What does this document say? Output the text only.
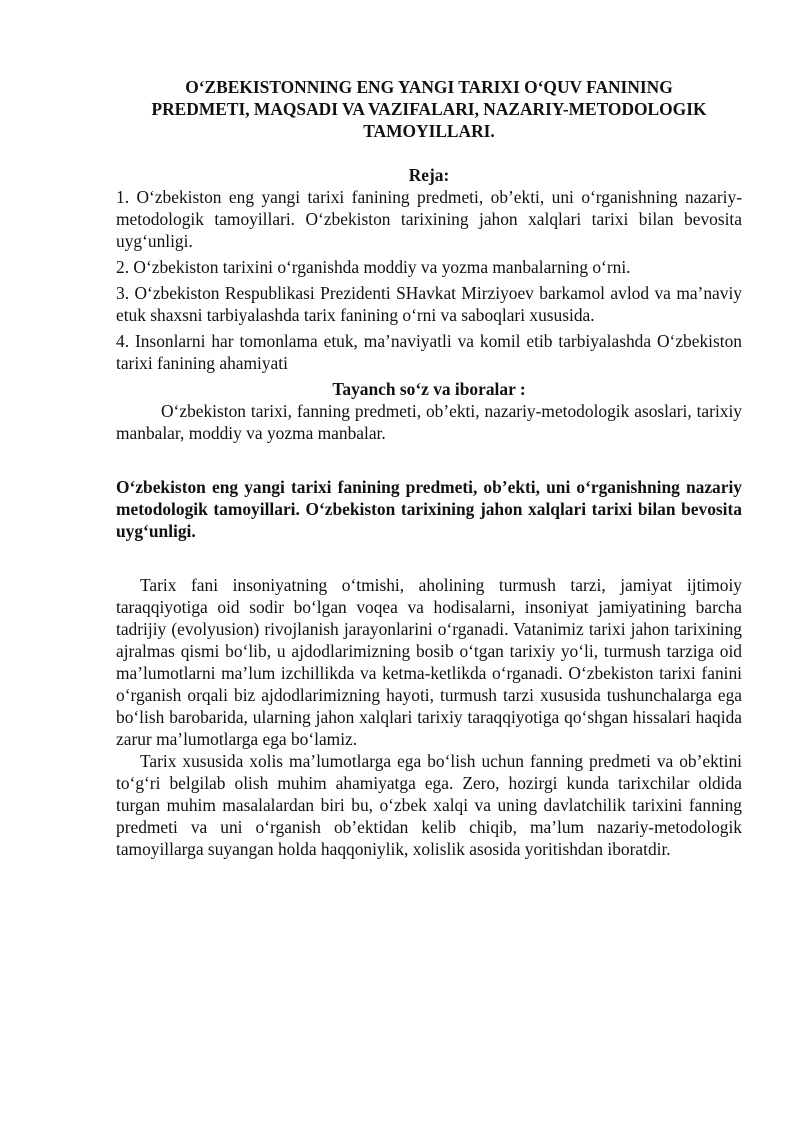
O‘ZBEKISTONNING ENG YANGI TARIXI O‘QUV FANINING PREDMETI, MAQSADI VA VAZIFALARI, NAZARIY-METODOLOGIK TAMOYILLARI.
Reja:
1. O‘zbekiston eng yangi tarixi fanining predmeti, ob’ekti, uni o‘rganishning nazariy-metodologik tamoyillari. O‘zbekiston tarixining jahon xalqlari tarixi bilan bevosita uyg‘unligi.
2. O‘zbekiston tarixini o‘rganishda moddiy va yozma manbalarning o‘rni.
3. O‘zbekiston Respublikasi Prezidenti SHavkat Mirziyoev barkamol avlod va ma’naviy etuk shaxsni tarbiyalashda tarix fanining o‘rni va saboqlari xususida.
4. Insonlarni har tomonlama etuk, ma’naviyatli va komil etib tarbiyalashda O‘zbekiston tarixi fanining ahamiyati
Tayanch so‘z va iboralar :
O‘zbekiston tarixi, fanning predmeti, ob’ekti, nazariy-metodologik asoslari, tarixiy manbalar, moddiy va yozma manbalar.
O‘zbekiston eng yangi tarixi fanining predmeti, ob’ekti, uni o‘rganishning nazariy metodologik tamoyillari. O‘zbekiston tarixining jahon xalqlari tarixi bilan bevosita uyg‘unligi.
Tarix fani insoniyatning o‘tmishi, aholining turmush tarzi, jamiyat ijtimoiy taraqqiyotiga oid sodir bo‘lgan voqea va hodisalarni, insoniyat jamiyatining barcha tadrijiy (evolyusion) rivojlanish jarayonlarini o‘rganadi. Vatanimiz tarixi jahon tarixining ajralmas qismi bo‘lib, u ajdodlarimizning bosib o‘tgan tarixiy yo‘li, turmush tarziga oid ma’lumotlarni ma’lum izchillikda va ketma-ketlikda o‘rganadi. O‘zbekiston tarixi fanini o‘rganish orqali biz ajdodlarimizning hayoti, turmush tarzi xususida tushunchalarga ega bo‘lish barobarida, ularning jahon xalqlari tarixiy taraqqiyotiga qo‘shgan hissalari haqida zarur ma’lumotlarga ega bo‘lamiz.
Tarix xususida xolis ma’lumotlarga ega bo‘lish uchun fanning predmeti va ob’ektini to‘g‘ri belgilab olish muhim ahamiyatga ega. Zero, hozirgi kunda tarixchilar oldida turgan muhim masalalardan biri bu, o‘zbek xalqi va uning davlatchilik tarixini fanning predmeti va uni o‘rganish ob’ektidan kelib chiqib, ma’lum nazariy-metodologik tamoyillarga suyangan holda haqqoniylik, xolislik asosida yoritishdan iboratdir.
